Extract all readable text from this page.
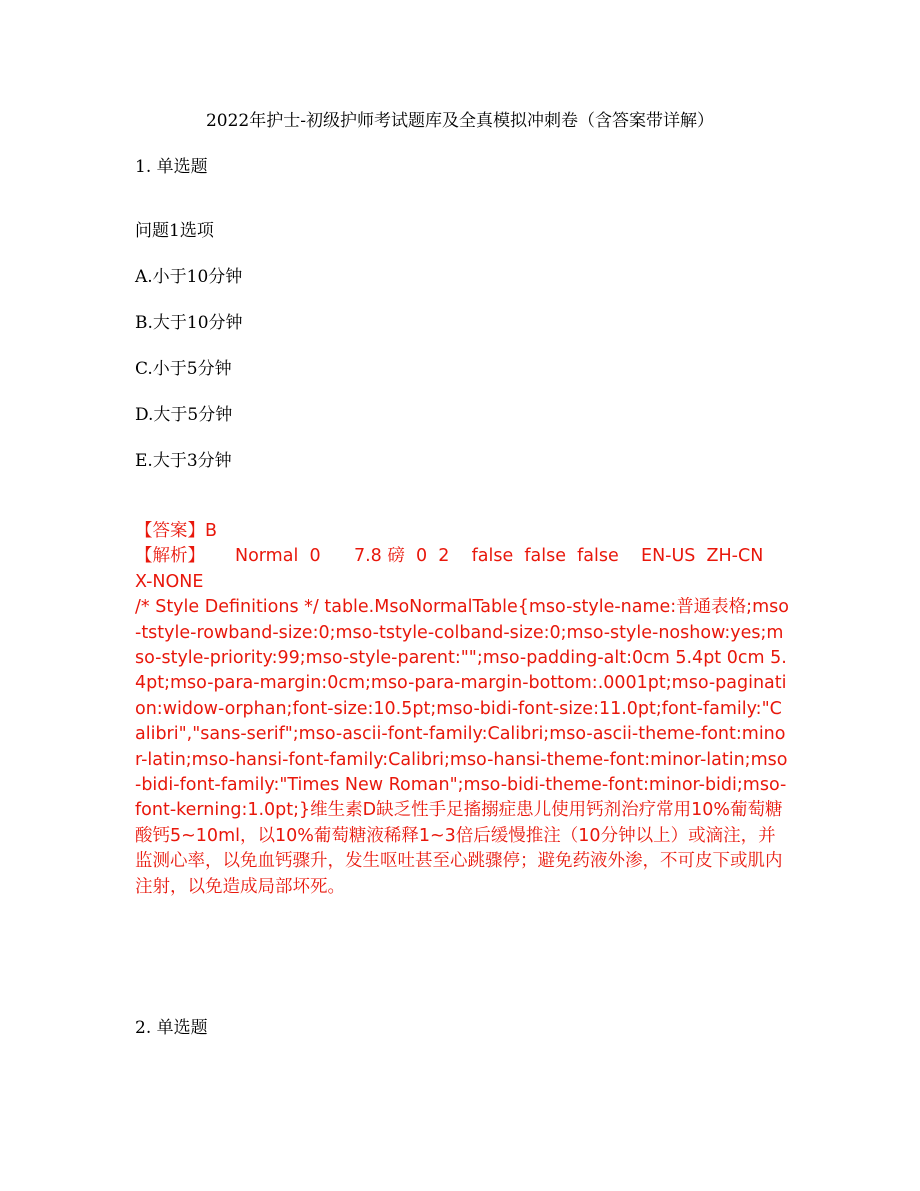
2022年护士-初级护师考试题库及全真模拟冲刺卷（含答案带详解）
1. 单选题
问题1选项
A.小于10分钟
B.大于10分钟
C.小于5分钟
D.大于5分钟
E.大于3分钟

【答案】B

【解析】 Normal  0      7.8 磅  0  2    false  false  false    EN-US  ZH-CN  X-NONE

/* Style Definitions */ table.MsoNormalTable{mso-style-name:普通表格;mso-tstyle-rowband-size:0;mso-tstyle-colband-size:0;mso-style-noshow:yes;mso-style-priority:99;mso-style-parent:"";mso-padding-alt:0cm 5.4pt 0cm 5.4pt;mso-para-margin:0cm;mso-para-margin-bottom:.0001pt;mso-pagination:widow-orphan;font-size:10.5pt;mso-bidi-font-size:11.0pt;font-family:"Calibri","sans-serif";mso-ascii-font-family:Calibri;mso-ascii-theme-font:minor-latin;mso-hansi-font-family:Calibri;mso-hansi-theme-font:minor-latin;mso-bidi-font-family:"Times New Roman";mso-bidi-theme-font:minor-bidi;mso-font-kerning:1.0pt;}维生素D缺乏性手足搐搦症患儿使用钙剂治疗常用10%葡萄糖酸钙5~10ml，以10%葡萄糖液稀释1~3倍后缓慢推注（10分钟以上）或滴注，并监测心率，以免血钙骤升，发生呕吐甚至心跳骤停；避免药液外渗，不可皮下或肌内注射，以免造成局部坏死。

2. 单选题
